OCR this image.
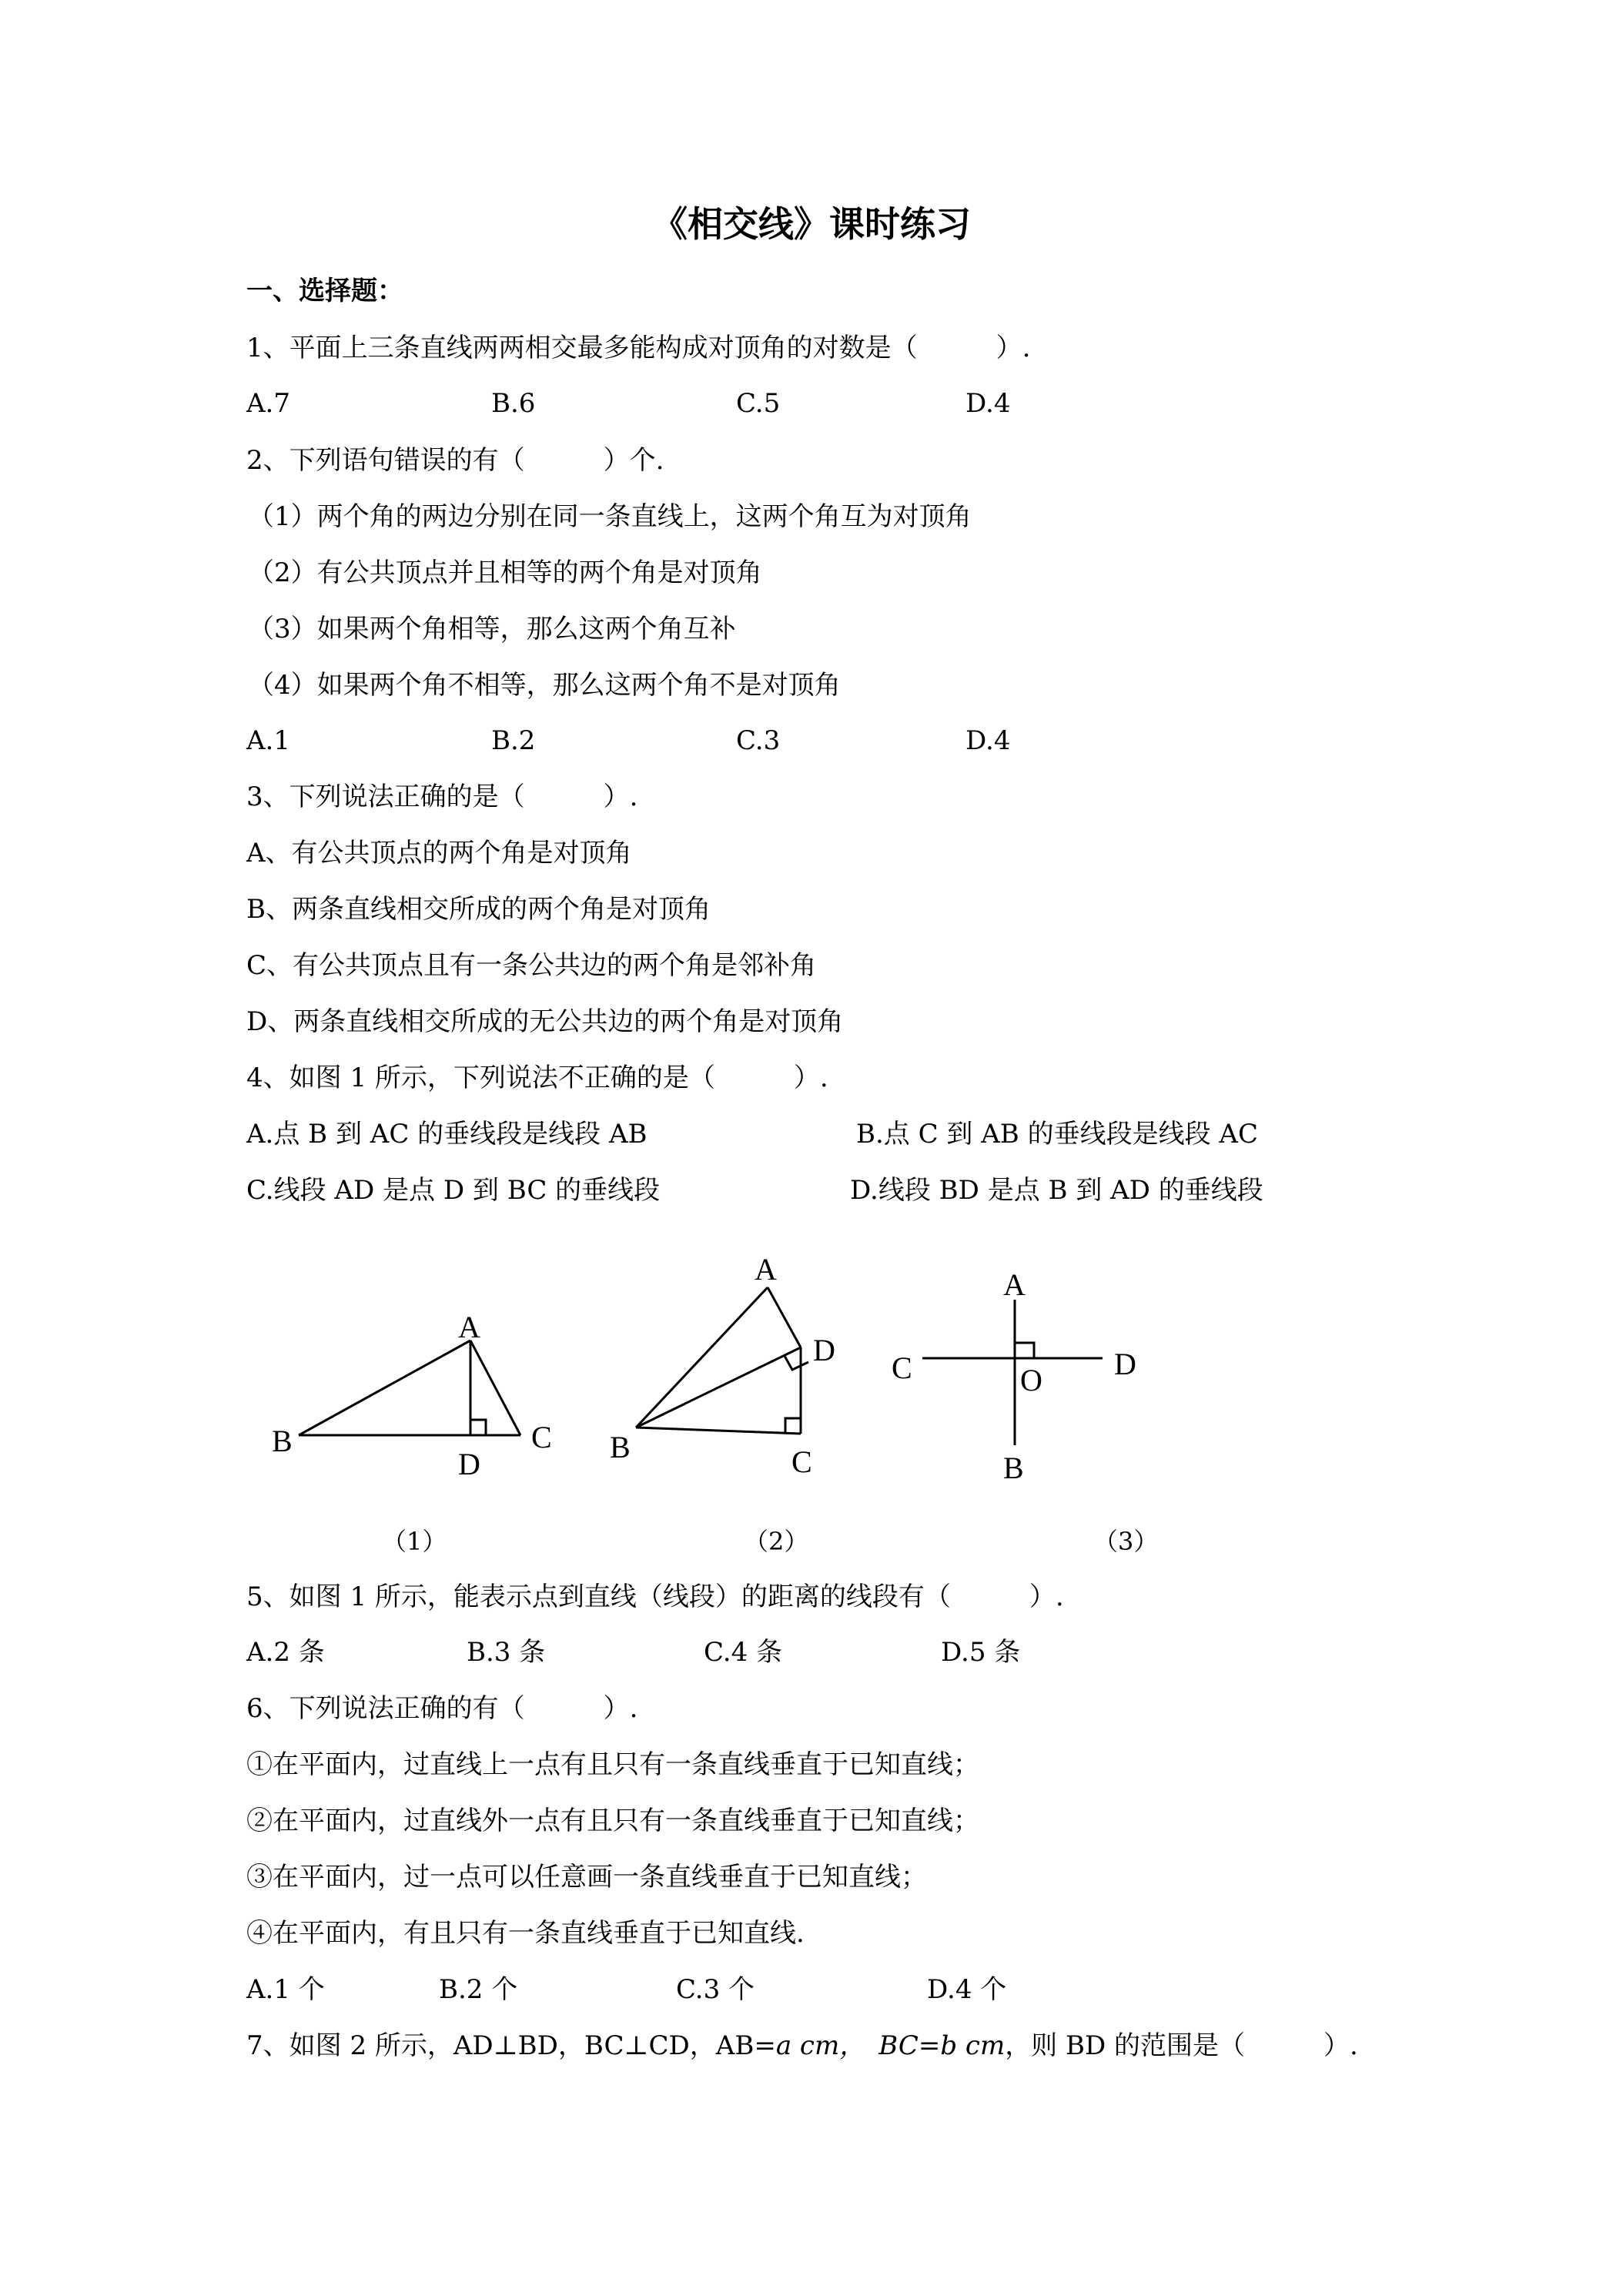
《相交线》课时练习
一、选择题：
1、平面上三条直线两两相交最多能构成对顶角的对数是（　　　）.
A.7	B.6	C.5	D.4
2、下列语句错误的有（　　　）个.
（1）两个角的两边分别在同一条直线上，这两个角互为对顶角
（2）有公共顶点并且相等的两个角是对顶角
（3）如果两个角相等，那么这两个角互补
（4）如果两个角不相等，那么这两个角不是对顶角
A.1	B.2	C.3	D.4
3、下列说法正确的是（　　　）.
A、有公共顶点的两个角是对顶角
B、两条直线相交所成的两个角是对顶角
C、有公共顶点且有一条公共边的两个角是邻补角
D、两条直线相交所成的无公共边的两个角是对顶角
4、如图 1 所示，下列说法不正确的是（　　　）.
A.点 B 到 AC 的垂线段是线段 AB	B.点 C 到 AB 的垂线段是线段 AC
C.线段 AD 是点 D 到 BC 的垂线段	D.线段 BD 是点 B 到 AD 的垂线段
A
B	C
D
A
B	C
D
A
B
C	D
O
（1）	（2）	（3）
5、如图 1 所示，能表示点到直线（线段）的距离的线段有（　　　）.
A.2 条	B.3 条	C.4 条	D.5 条
6、下列说法正确的有（　　　）.
①在平面内，过直线上一点有且只有一条直线垂直于已知直线；
②在平面内，过直线外一点有且只有一条直线垂直于已知直线；
③在平面内，过一点可以任意画一条直线垂直于已知直线；
④在平面内，有且只有一条直线垂直于已知直线.
A.1 个	B.2 个	C.3 个	D.4 个
7、如图 2 所示，AD⊥BD，BC⊥CD，AB=a cm，　BC=b cm，则 BD 的范围是（　　　）.
